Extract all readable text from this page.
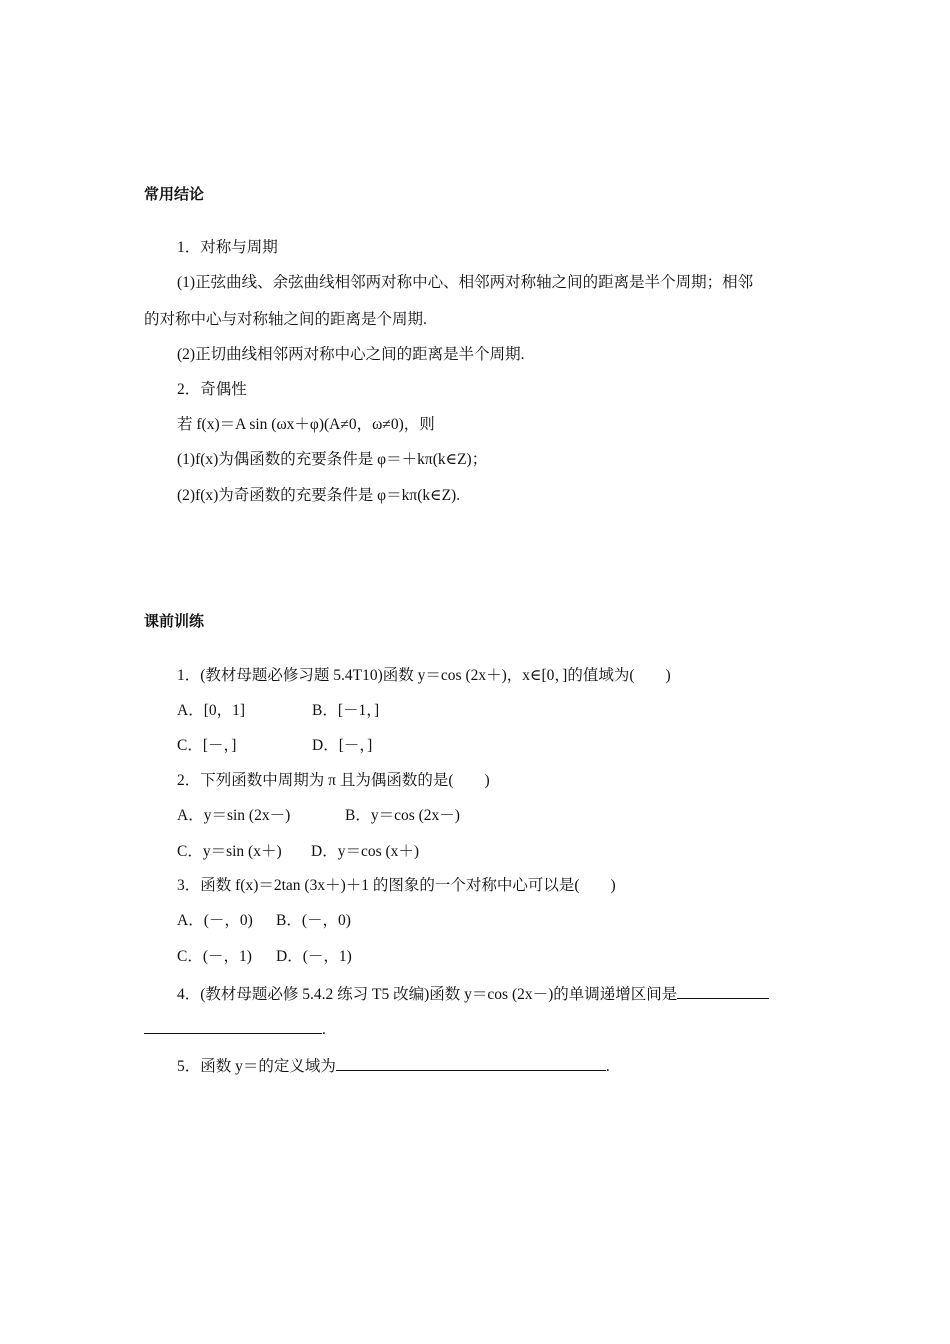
常用结论
1．对称与周期
(1)正弦曲线、余弦曲线相邻两对称中心、相邻两对称轴之间的距离是半个周期；相邻
的对称中心与对称轴之间的距离是个周期.
(2)正切曲线相邻两对称中心之间的距离是半个周期.
2．奇偶性
若 f(x)＝A sin (ωx＋φ)(A≠0，ω≠0)，则
(1)f(x)为偶函数的充要条件是 φ＝＋kπ(k∈Z)；
(2)f(x)为奇函数的充要条件是 φ＝kπ(k∈Z).
课前训练
1．(教材母题必修习题 5.4T10)函数 y＝cos (2x＋)，x∈[0，]的值域为(　　)
A．[0，1]	B．[－1，]
C．[－，]	D．[－，]
2．下列函数中周期为 π 且为偶函数的是(　　)
A．y＝sin (2x－)	B．y＝cos (2x－)
C．y＝sin (x＋) D．y＝cos (x＋)
3．函数 f(x)＝2tan (3x＋)＋1 的图象的一个对称中心可以是(　　)
A．(－，0) B．(－，0)
C．(－，1) D．(－，1)
4．(教材母题必修 5.4.2 练习 T5 改编)函数 y＝cos (2x－)的单调递增区间是
.
5．函数 y＝的定义域为	.
